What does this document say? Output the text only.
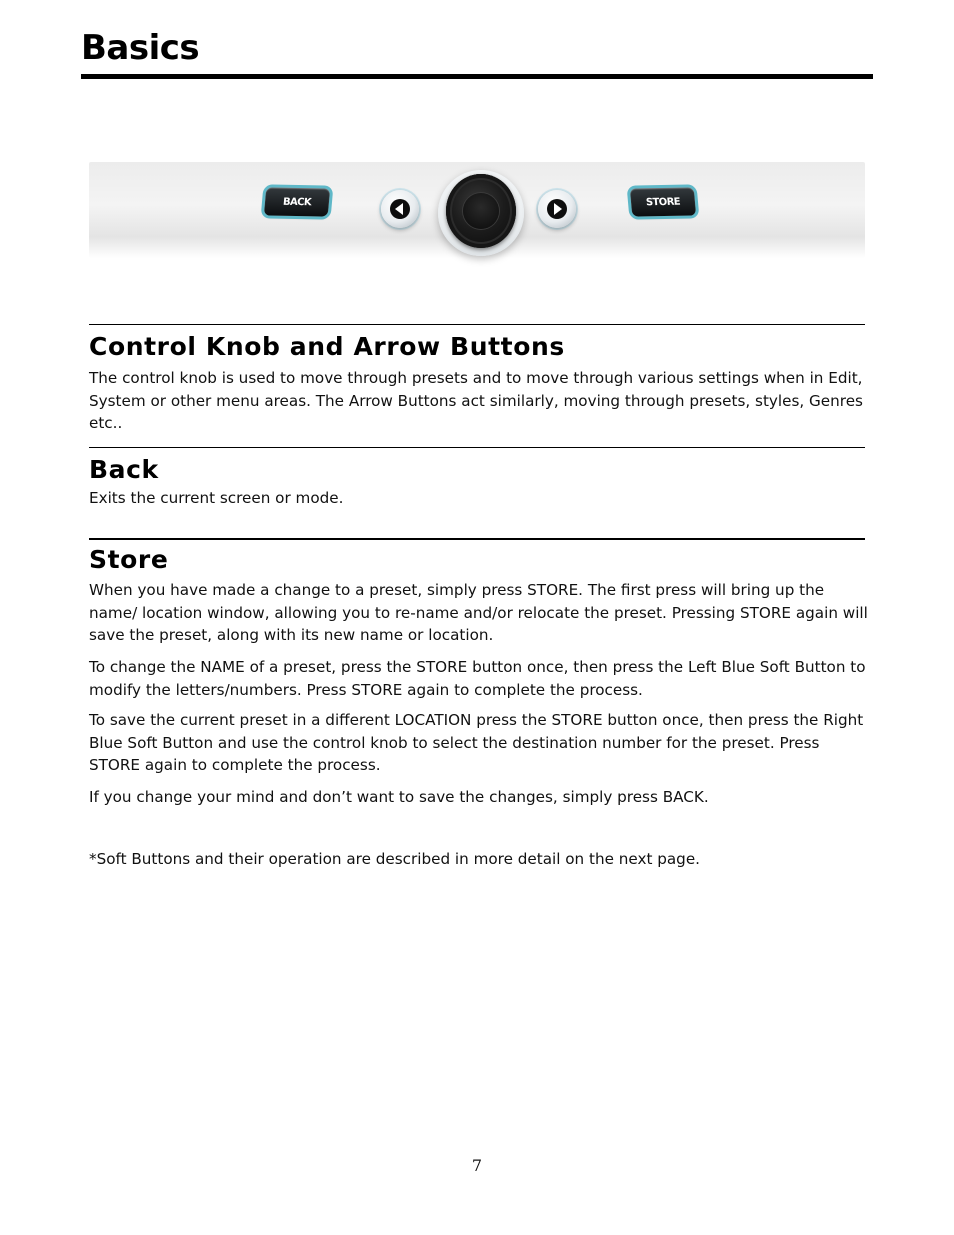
Basics
BACK	STORE
Control Knob and Arrow Buttons

The control knob is used to move through presets and to move through various settings when in Edit, System or other menu areas. The Arrow Buttons act similarly, moving through presets, styles, Genres etc..

Back

Exits the current screen or mode.

Store

When you have made a change to a preset, simply press STORE. The first press will bring up the name/ location window, allowing you to re-name and/or relocate the preset. Pressing STORE again will save the preset, along with its new name or location.

To change the NAME of a preset, press the STORE button once, then press the Left Blue Soft Button to modify the letters/numbers. Press STORE again to complete the process.

To save the current preset in a different LOCATION press the STORE button once, then press the Right Blue Soft Button and use the control knob to select the destination number for the preset. Press STORE again to complete the process.

If you change your mind and don’t want to save the changes, simply press BACK.

*Soft Buttons and their operation are described in more detail on the next page.

7
